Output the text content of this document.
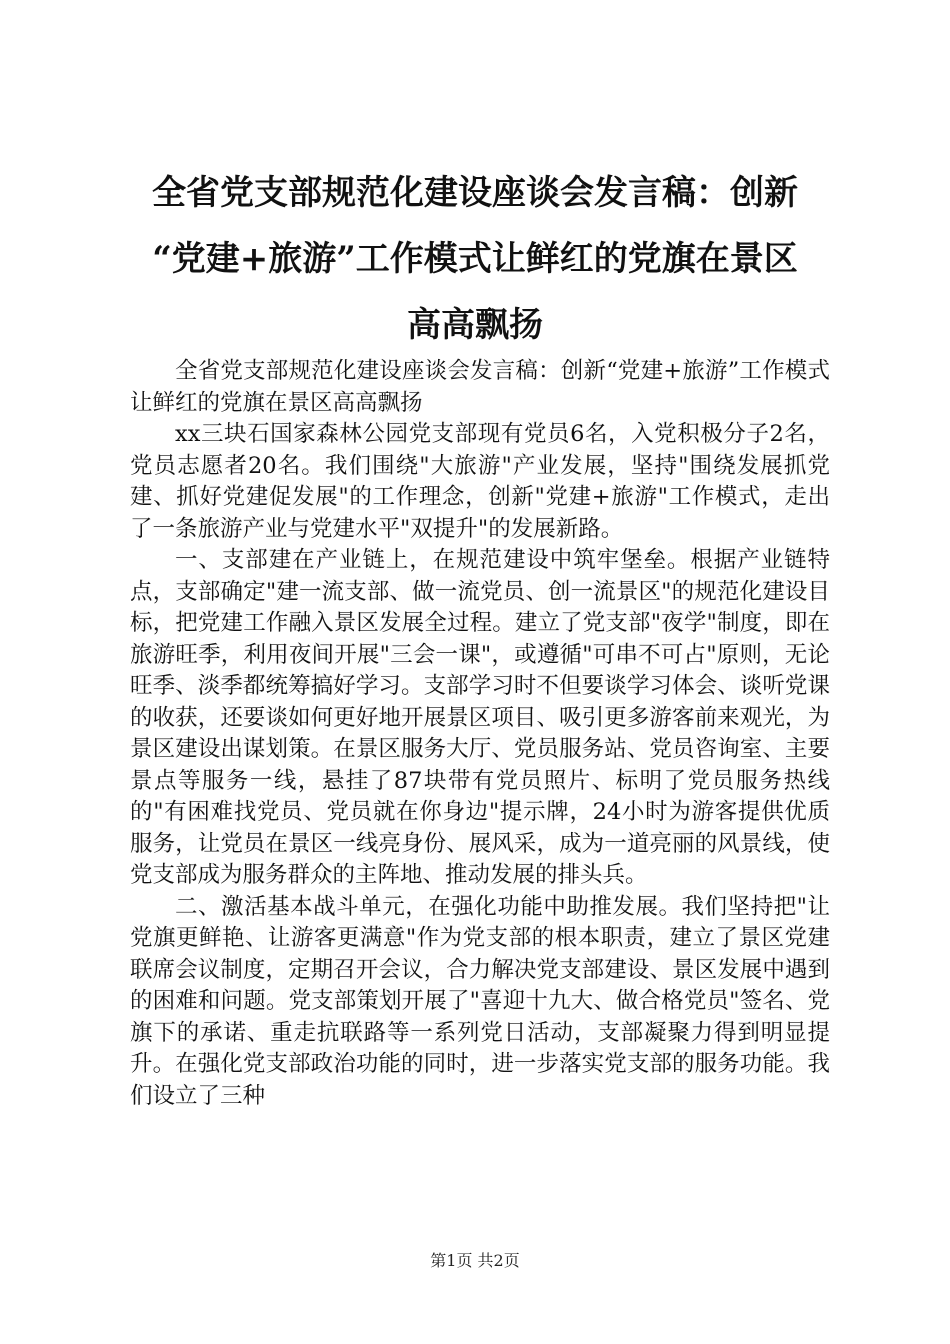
全省党支部规范化建设座谈会发言稿：创新
“党建+旅游”工作模式让鲜红的党旗在景区
高高飘扬

全省党支部规范化建设座谈会发言稿：创新“党建+旅游”工作模式让鲜红的党旗在景区高高飘扬

xx三块石国家森林公园党支部现有党员6名，入党积极分子2名，党员志愿者20名。我们围绕"大旅游"产业发展，坚持"围绕发展抓党建、抓好党建促发展"的工作理念，创新"党建+旅游"工作模式，走出了一条旅游产业与党建水平"双提升"的发展新路。

一、支部建在产业链上，在规范建设中筑牢堡垒。根据产业链特点，支部确定"建一流支部、做一流党员、创一流景区"的规范化建设目标，把党建工作融入景区发展全过程。建立了党支部"夜学"制度，即在旅游旺季，利用夜间开展"三会一课"，或遵循"可串不可占"原则，无论旺季、淡季都统筹搞好学习。支部学习时不但要谈学习体会、谈听党课的收获，还要谈如何更好地开展景区项目、吸引更多游客前来观光，为景区建设出谋划策。在景区服务大厅、党员服务站、党员咨询室、主要景点等服务一线，悬挂了87块带有党员照片、标明了党员服务热线的"有困难找党员、党员就在你身边"提示牌，24小时为游客提供优质服务，让党员在景区一线亮身份、展风采，成为一道亮丽的风景线，使党支部成为服务群众的主阵地、推动发展的排头兵。

二、激活基本战斗单元，在强化功能中助推发展。我们坚持把"让党旗更鲜艳、让游客更满意"作为党支部的根本职责，建立了景区党建联席会议制度，定期召开会议，合力解决党支部建设、景区发展中遇到的困难和问题。党支部策划开展了"喜迎十九大、做合格党员"签名、党旗下的承诺、重走抗联路等一系列党日活动，支部凝聚力得到明显提升。在强化党支部政治功能的同时，进一步落实党支部的服务功能。我们设立了三种

第1页 共2页
